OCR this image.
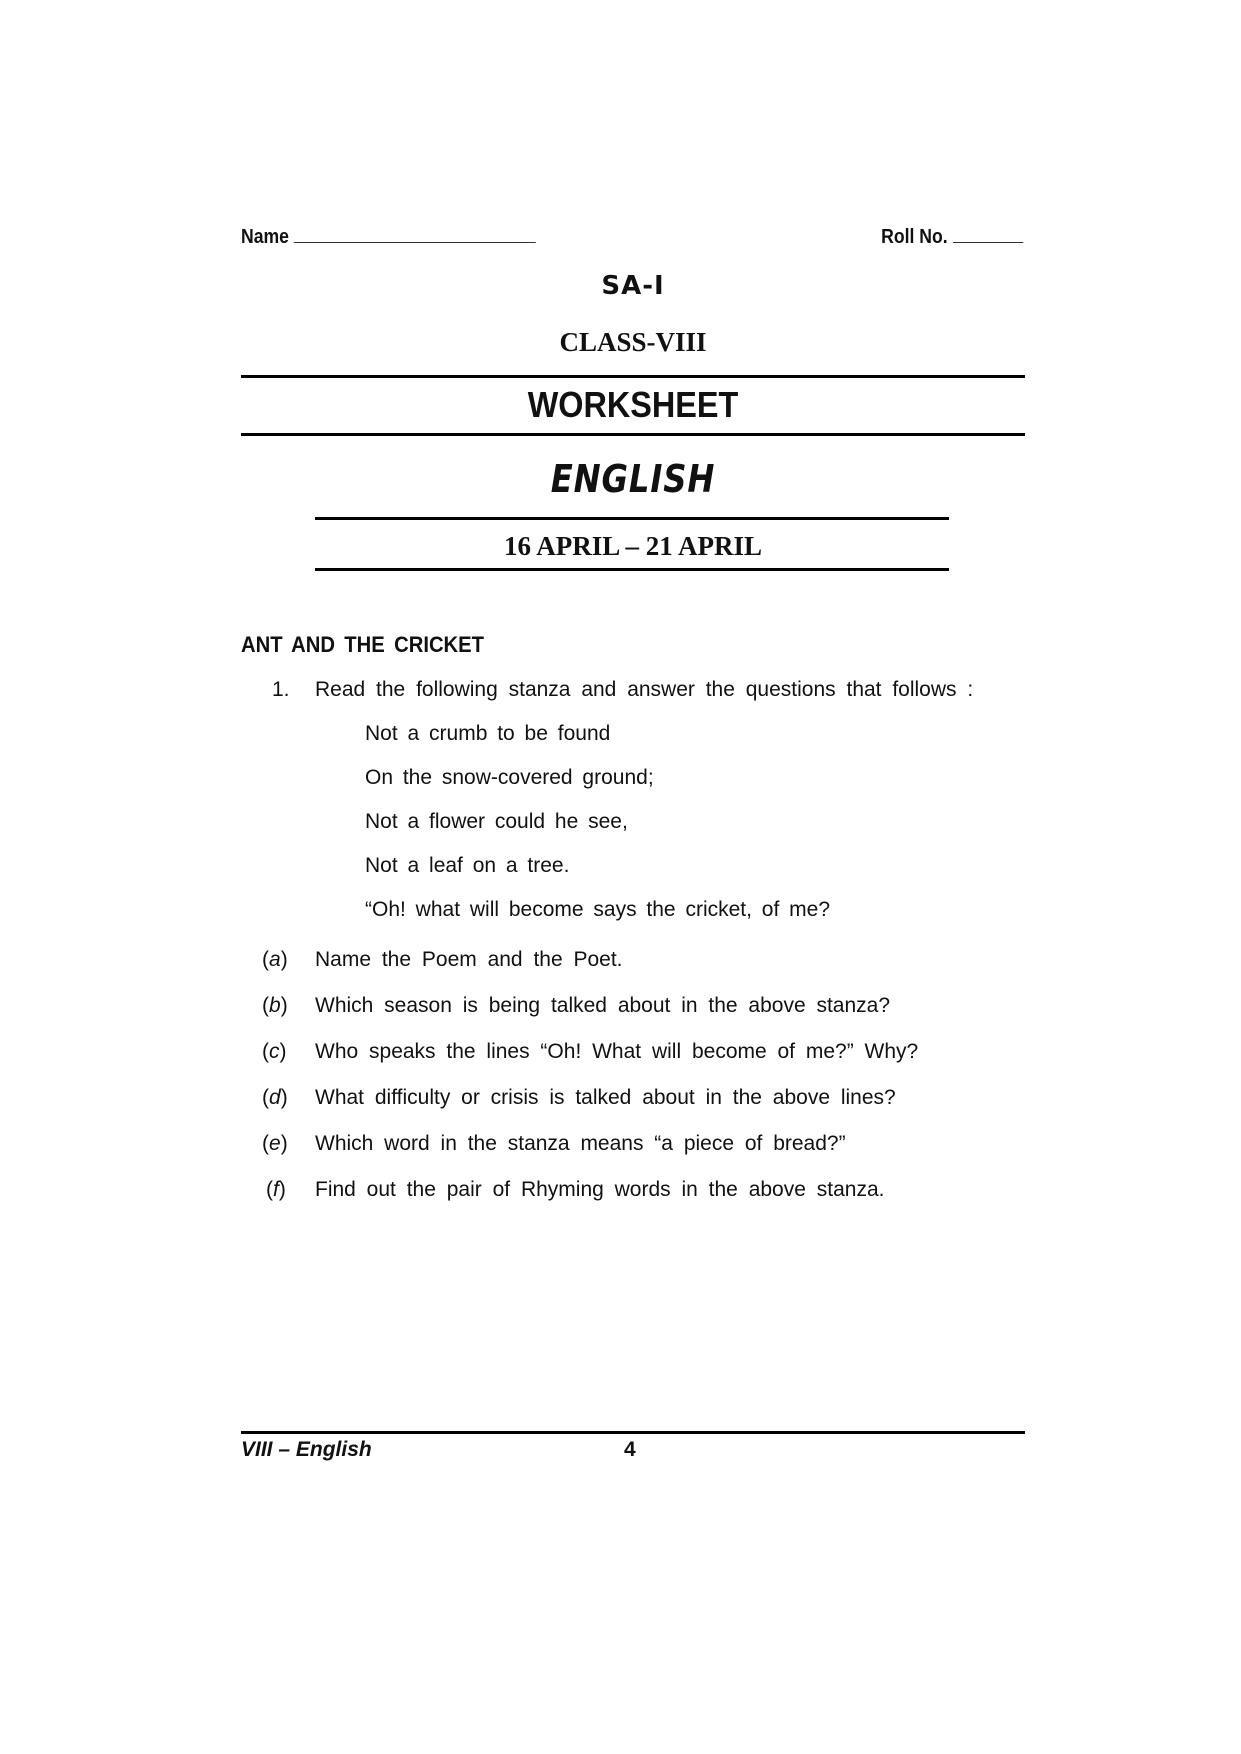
Name	Roll No.
SA-I
CLASS-VIII
WORKSHEET
ENGLISH
16 APRIL – 21 APRIL
ANT AND THE CRICKET
1. Read the following stanza and answer the questions that follows :
Not a crumb to be found
On the snow-covered ground;
Not a flower could he see,
Not a leaf on a tree.
“Oh! what will become says the cricket, of me?
(a) Name the Poem and the Poet.
(b) Which season is being talked about in the above stanza?
(c) Who speaks the lines “Oh! What will become of me?” Why?
(d) What difficulty or crisis is talked about in the above lines?
(e) Which word in the stanza means “a piece of bread?”
(f) Find out the pair of Rhyming words in the above stanza.
VIII – English	4
